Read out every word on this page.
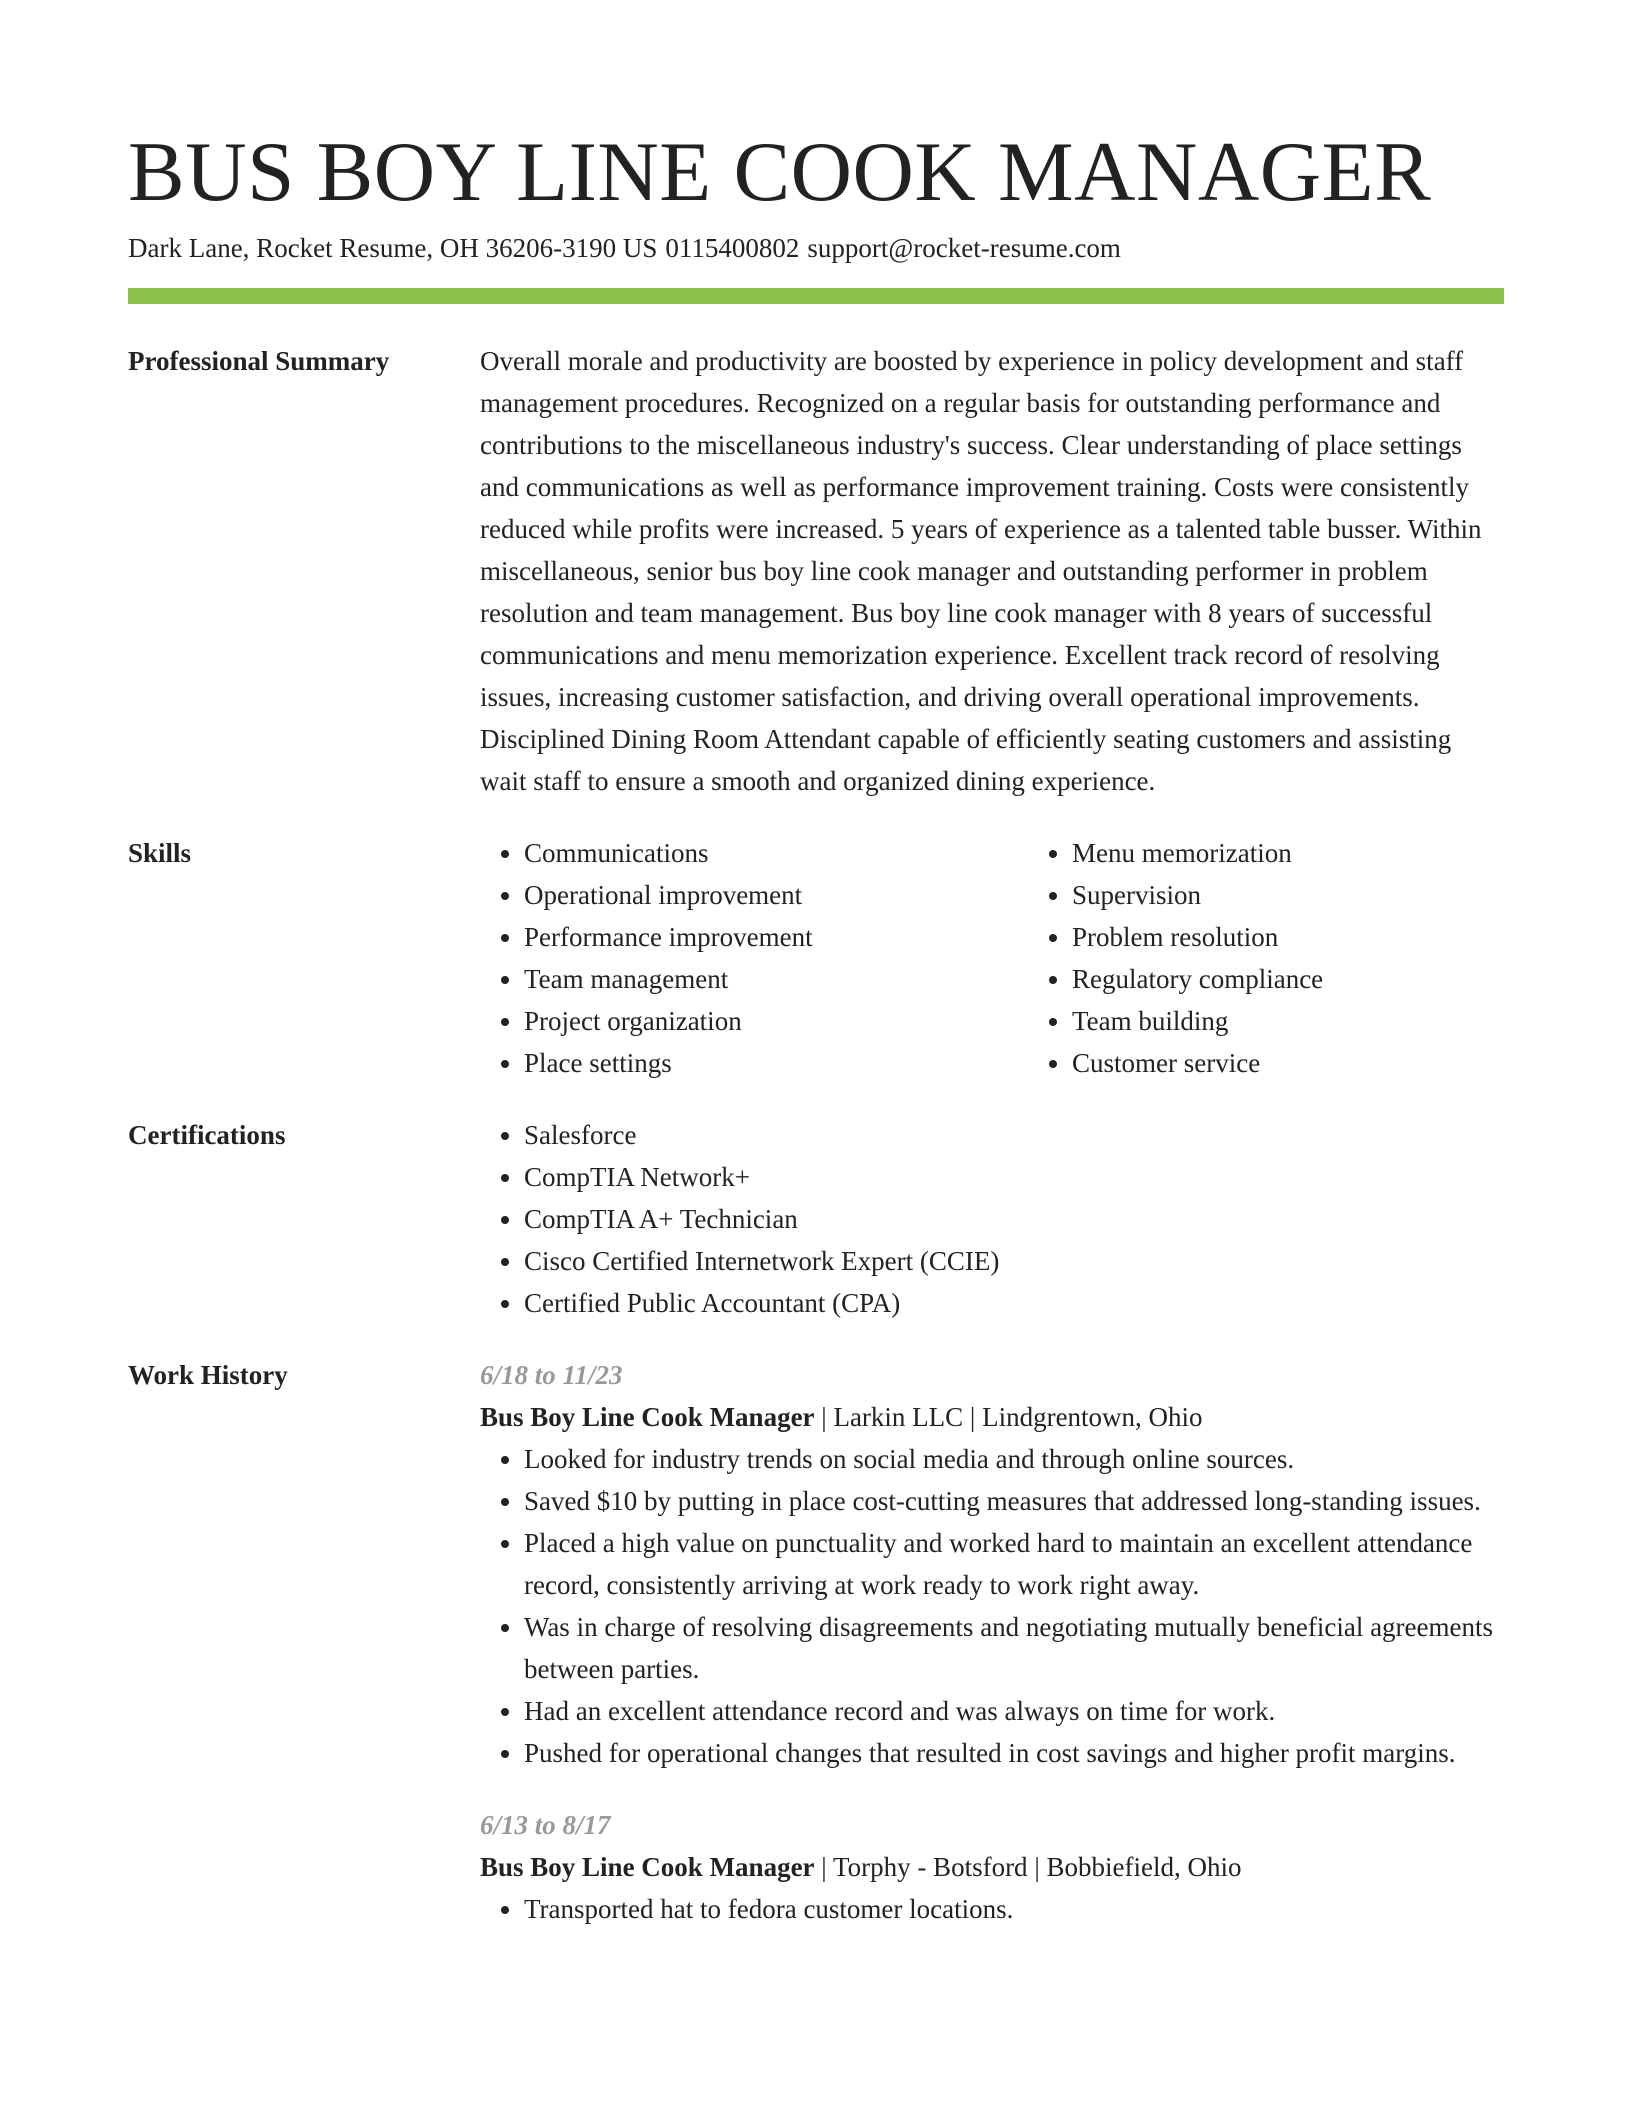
BUS BOY LINE COOK MANAGER
Dark Lane, Rocket Resume, OH 36206-3190 US 0115400802 support@rocket-resume.com
Professional Summary	Overall morale and productivity are boosted by experience in policy development and staff management procedures. Recognized on a regular basis for outstanding performance and contributions to the miscellaneous industry's success. Clear understanding of place settings and communications as well as performance improvement training. Costs were consistently reduced while profits were increased. 5 years of experience as a talented table busser. Within miscellaneous, senior bus boy line cook manager and outstanding performer in problem resolution and team management. Bus boy line cook manager with 8 years of successful communications and menu memorization experience. Excellent track record of resolving issues, increasing customer satisfaction, and driving overall operational improvements. Disciplined Dining Room Attendant capable of efficiently seating customers and assisting wait staff to ensure a smooth and organized dining experience.

Skills	• Communications
• Operational improvement
• Performance improvement
• Team management
• Project organization
• Place settings
• Menu memorization
• Supervision
• Problem resolution
• Regulatory compliance
• Team building
• Customer service
Certifications	• Salesforce
• CompTIA Network+
• CompTIA A+ Technician
• Cisco Certified Internetwork Expert (CCIE)
• Certified Public Accountant (CPA)
Work History	6/18 to 11/23

Bus Boy Line Cook Manager | Larkin LLC | Lindgrentown, Ohio

• Looked for industry trends on social media and through online sources.
• Saved $10 by putting in place cost-cutting measures that addressed long-standing issues.
• Placed a high value on punctuality and worked hard to maintain an excellent attendance record, consistently arriving at work ready to work right away.
• Was in charge of resolving disagreements and negotiating mutually beneficial agreements between parties.
• Had an excellent attendance record and was always on time for work.
• Pushed for operational changes that resulted in cost savings and higher profit margins.
6/13 to 8/17

Bus Boy Line Cook Manager | Torphy - Botsford | Bobbiefield, Ohio

• Transported hat to fedora customer locations.
